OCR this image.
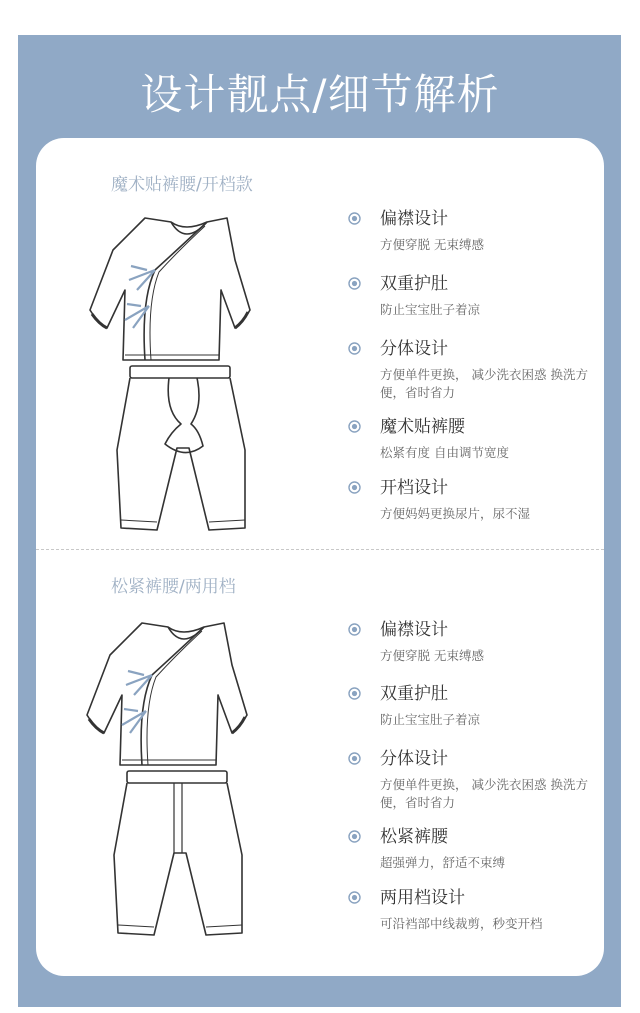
设计靓点/细节解析
魔术贴裤腰/开档款
偏襟设计
方便穿脱 无束缚感
双重护肚
防止宝宝肚子着凉
分体设计
方便单件更换， 减少洗衣困惑 换洗方便，省时省力
魔术贴裤腰
松紧有度 自由调节宽度
开档设计
方便妈妈更换尿片，尿不湿
松紧裤腰/两用档
偏襟设计
方便穿脱 无束缚感
双重护肚
防止宝宝肚子着凉
分体设计
方便单件更换， 减少洗衣困惑 换洗方便，省时省力
松紧裤腰
超强弹力，舒适不束缚
两用档设计
可沿裆部中线裁剪，秒变开档
